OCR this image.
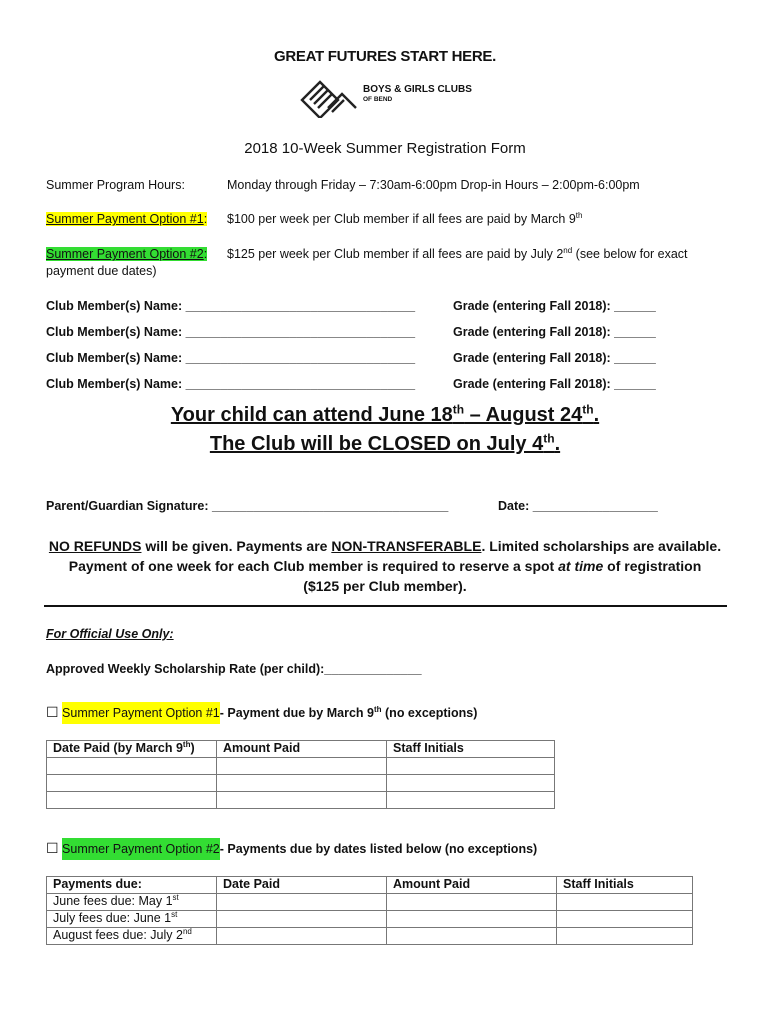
GREAT FUTURES START HERE.
BOYS & GIRLS CLUBS
OF BEND
2018 10-Week Summer Registration Form
Summer Program Hours:	Monday through Friday – 7:30am-6:00pm Drop-in Hours – 2:00pm-6:00pm
Summer Payment Option #1: $100 per week per Club member if all fees are paid by March 9th
Summer Payment Option #2: $125 per week per Club member if all fees are paid by July 2nd (see below for exact
payment due dates)
Club Member(s) Name: _________________________________	Grade (entering Fall 2018): ______
Club Member(s) Name: _________________________________	Grade (entering Fall 2018): ______
Club Member(s) Name: _________________________________	Grade (entering Fall 2018): ______
Club Member(s) Name: _________________________________	Grade (entering Fall 2018): ______
Your child can attend June 18th – August 24th.
The Club will be CLOSED on July 4th.
Parent/Guardian Signature: __________________________________	Date: __________________
NO REFUNDS will be given. Payments are NON-TRANSFERABLE. Limited scholarships are available.
Payment of one week for each Club member is required to reserve a spot at time of registration
($125 per Club member).
For Official Use Only:
Approved Weekly Scholarship Rate (per child):______________
☐ Summer Payment Option #1- Payment due by March 9th (no exceptions)
Date Paid (by March 9th)	Amount Paid	Staff Initials

☐ Summer Payment Option #2- Payments due by dates listed below (no exceptions)
Payments due:	Date Paid	Amount Paid	Staff Initials
June fees due: May 1st			
July fees due: June 1st			
August fees due: July 2nd			
